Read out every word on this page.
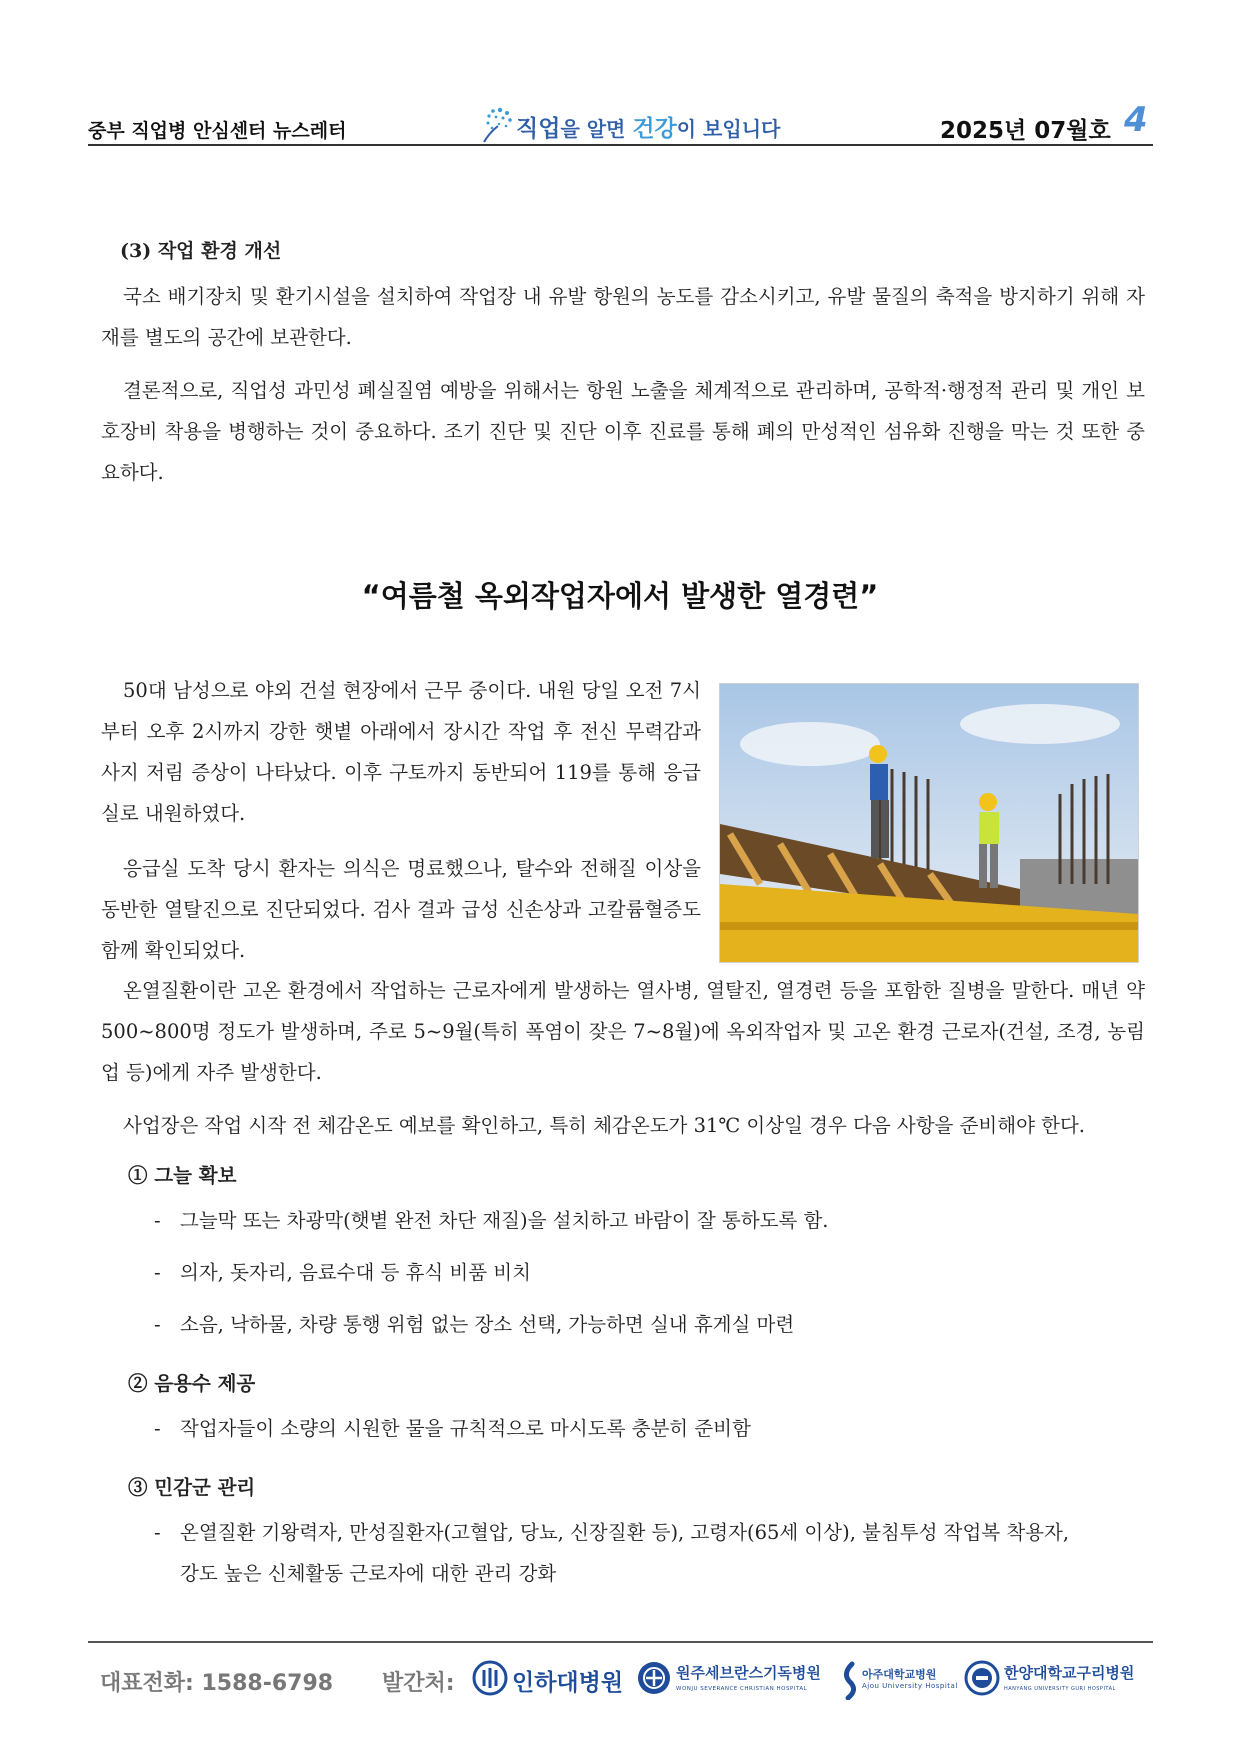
중부 직업병 안심센터 뉴스레터	직업을 알면 건강이 보입니다	2025년 07월호 4
(3) 작업 환경 개선

국소 배기장치 및 환기시설을 설치하여 작업장 내 유발 항원의 농도를 감소시키고, 유발 물질의 축적을 방지하기 위해 자재를 별도의 공간에 보관한다.

결론적으로, 직업성 과민성 폐실질염 예방을 위해서는 항원 노출을 체계적으로 관리하며, 공학적·행정적 관리 및 개인 보호장비 착용을 병행하는 것이 중요하다. 조기 진단 및 진단 이후 진료를 통해 폐의 만성적인 섬유화 진행을 막는 것 또한 중요하다.

“여름철 옥외작업자에서 발생한 열경련”

50대 남성으로 야외 건설 현장에서 근무 중이다. 내원 당일 오전 7시부터 오후 2시까지 강한 햇볕 아래에서 장시간 작업 후 전신 무력감과 사지 저림 증상이 나타났다. 이후 구토까지 동반되어 119를 통해 응급실로 내원하였다.

응급실 도착 당시 환자는 의식은 명료했으나, 탈수와 전해질 이상을 동반한 열탈진으로 진단되었다. 검사 결과 급성 신손상과 고칼륨혈증도 함께 확인되었다.

온열질환이란 고온 환경에서 작업하는 근로자에게 발생하는 열사병, 열탈진, 열경련 등을 포함한 질병을 말한다. 매년 약 500~800명 정도가 발생하며, 주로 5~9월(특히 폭염이 잦은 7~8월)에 옥외작업자 및 고온 환경 근로자(건설, 조경, 농림업 등)에게 자주 발생한다.

사업장은 작업 시작 전 체감온도 예보를 확인하고, 특히 체감온도가 31℃ 이상일 경우 다음 사항을 준비해야 한다.

① 그늘 확보

- 그늘막 또는 차광막(햇볕 완전 차단 재질)을 설치하고 바람이 잘 통하도록 함.

- 의자, 돗자리, 음료수대 등 휴식 비품 비치

- 소음, 낙하물, 차량 통행 위험 없는 장소 선택, 가능하면 실내 휴게실 마련

② 음용수 제공

- 작업자들이 소량의 시원한 물을 규칙적으로 마시도록 충분히 준비함

③ 민감군 관리

- 온열질환 기왕력자, 만성질환자(고혈압, 당뇨, 신장질환 등), 고령자(65세 이상), 불침투성 작업복 착용자,
강도 높은 신체활동 근로자에 대한 관리 강화

대표전화: 1588-6798 발간처: 인하대병원	원주세브란스기독병원
WONJU SEVERANCE CHRISTIAN HOSPITAL
아주대학교병원
Ajou University Hospital
한양대학교구리병원
HANYANG UNIVERSITY GURI HOSPITAL
